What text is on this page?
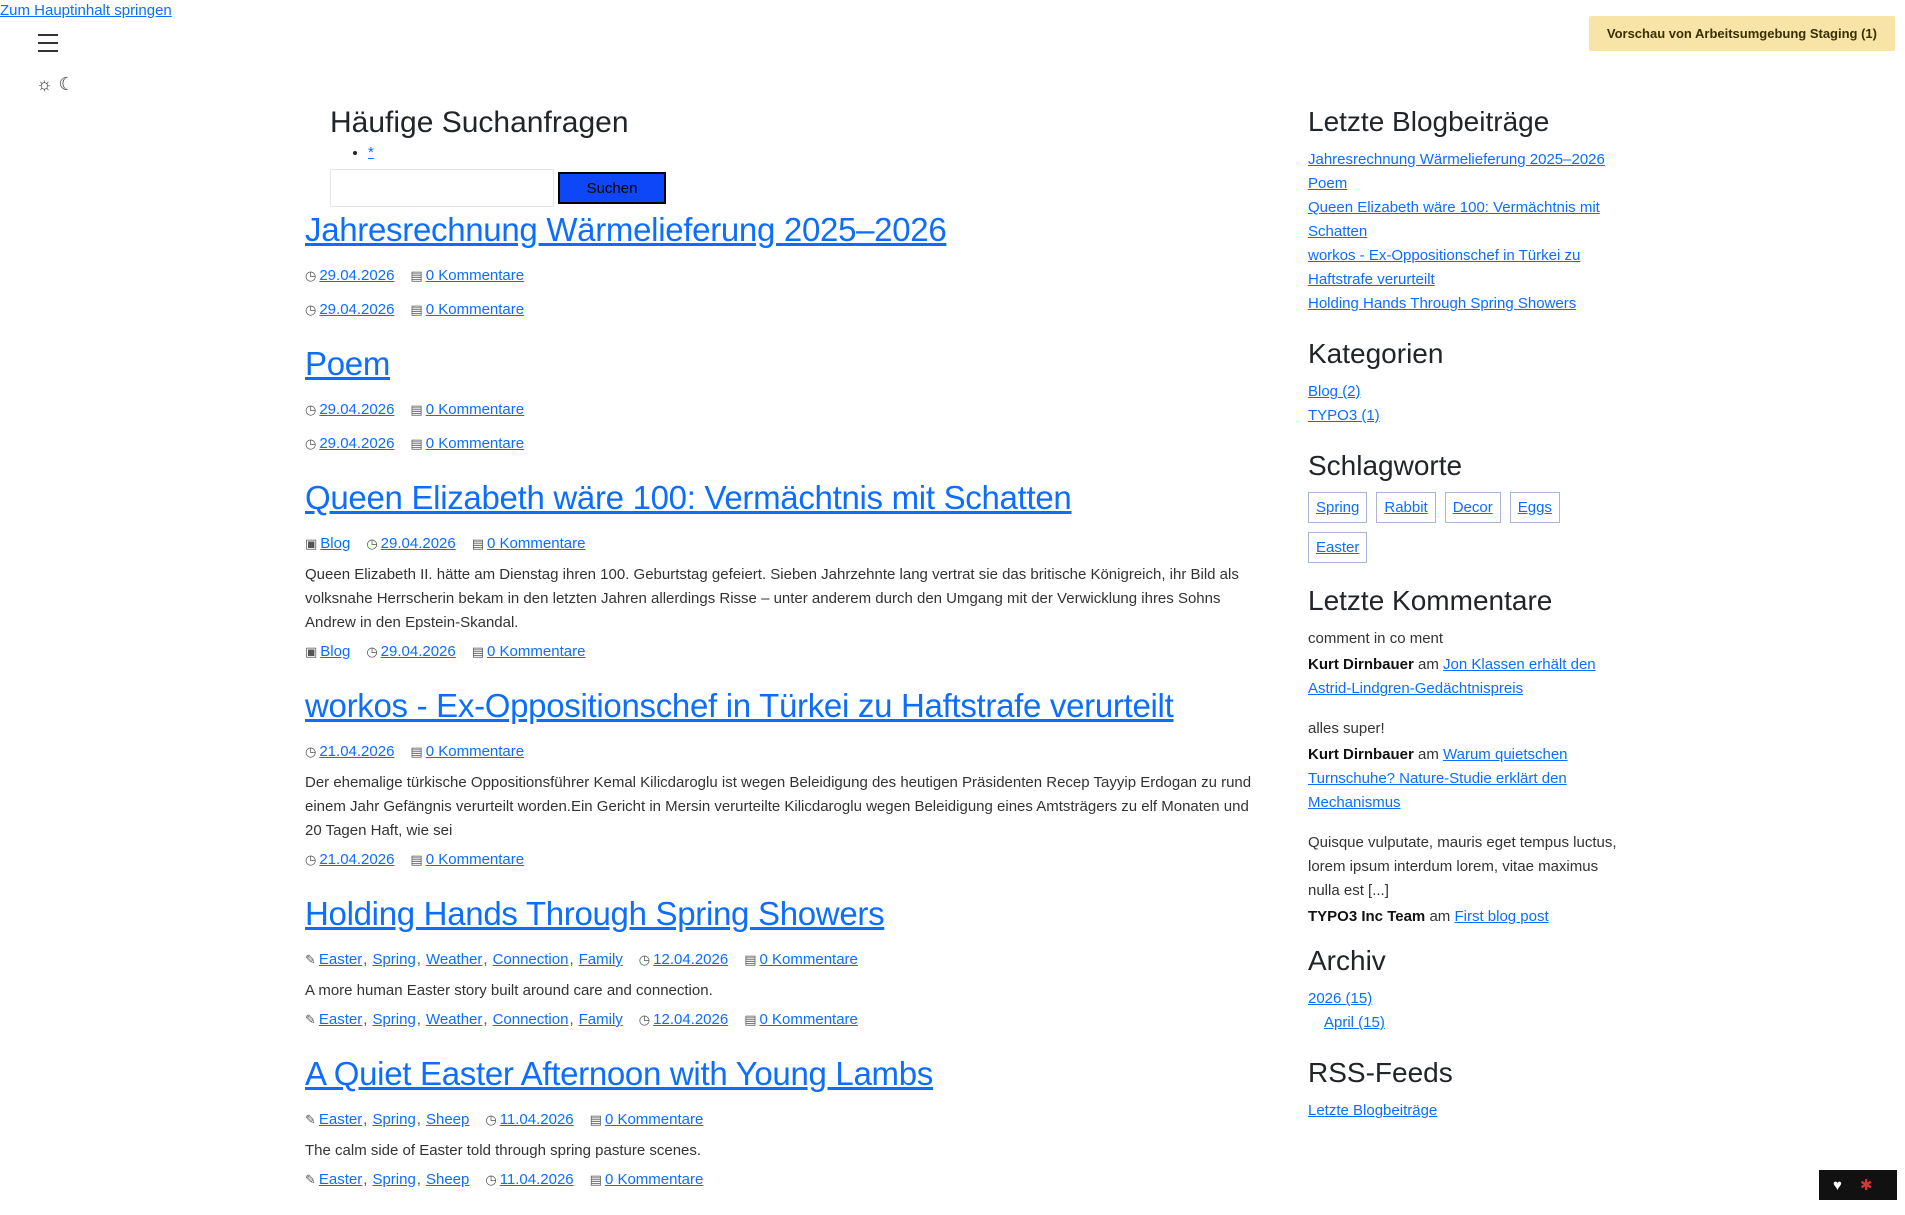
Zum Hauptinhalt springen
☼ ☾
Vorschau von Arbeitsumgebung Staging (1)
Häufige Suchanfragen
• *
Suchen
Jahresrechnung Wärmelieferung 2025–2026
◷ 29.04.2026 ▤ 0 Kommentare
◷ 29.04.2026 ▤ 0 Kommentare
Poem
◷ 29.04.2026 ▤ 0 Kommentare
◷ 29.04.2026 ▤ 0 Kommentare
Queen Elizabeth wäre 100: Vermächtnis mit Schatten
▣ Blog ◷ 29.04.2026 ▤ 0 Kommentare

Queen Elizabeth II. hätte am Dienstag ihren 100. Geburtstag gefeiert. Sieben Jahrzehnte lang vertrat sie das britische Königreich, ihr Bild als volksnahe Herrscherin bekam in den letzten Jahren allerdings Risse – unter anderem durch den Umgang mit der Verwicklung ihres Sohns Andrew in den Epstein-Skandal.

▣ Blog ◷ 29.04.2026 ▤ 0 Kommentare
workos - Ex-Oppositionschef in Türkei zu Haftstrafe verurteilt
◷ 21.04.2026 ▤ 0 Kommentare

Der ehemalige türkische Oppositionsführer Kemal Kilicdaroglu ist wegen Beleidigung des heutigen Präsidenten Recep Tayyip Erdogan zu rund einem Jahr Gefängnis verurteilt worden.Ein Gericht in Mersin verurteilte Kilicdaroglu wegen Beleidigung eines Amtsträgers zu elf Monaten und 20 Tagen Haft, wie sei

◷ 21.04.2026 ▤ 0 Kommentare
Holding Hands Through Spring Showers
✎ Easter , Spring , Weather , Connection , Family ◷ 12.04.2026 ▤ 0 Kommentare

A more human Easter story built around care and connection.

✎ Easter , Spring , Weather , Connection , Family ◷ 12.04.2026 ▤ 0 Kommentare
A Quiet Easter Afternoon with Young Lambs
✎ Easter , Spring , Sheep ◷ 11.04.2026 ▤ 0 Kommentare

The calm side of Easter told through spring pasture scenes.

✎ Easter , Spring , Sheep ◷ 11.04.2026 ▤ 0 Kommentare
Letzte Blogbeiträge
Jahresrechnung Wärmelieferung 2025–2026
Poem
Queen Elizabeth wäre 100: Vermächtnis mit Schatten
workos - Ex-Oppositionschef in Türkei zu Haftstrafe verurteilt
Holding Hands Through Spring Showers
Kategorien
Blog (2)
TYPO3 (1)
Schlagworte
Spring	Rabbit	Decor	Eggs
Easter
Letzte Kommentare

comment in co ment

Kurt Dirnbauer am Jon Klassen erhält den Astrid-Lindgren-Gedächtnispreis

alles super!

Kurt Dirnbauer am Warum quietschen Turnschuhe? Nature-Studie erklärt den Mechanismus

Quisque vulputate, mauris eget tempus luctus, lorem ipsum interdum lorem, vitae maximus nulla est [...]

TYPO3 Inc Team am First blog post
Archiv
2026 (15)
April (15)
RSS-Feeds
Letzte Blogbeiträge
♥ ✱
